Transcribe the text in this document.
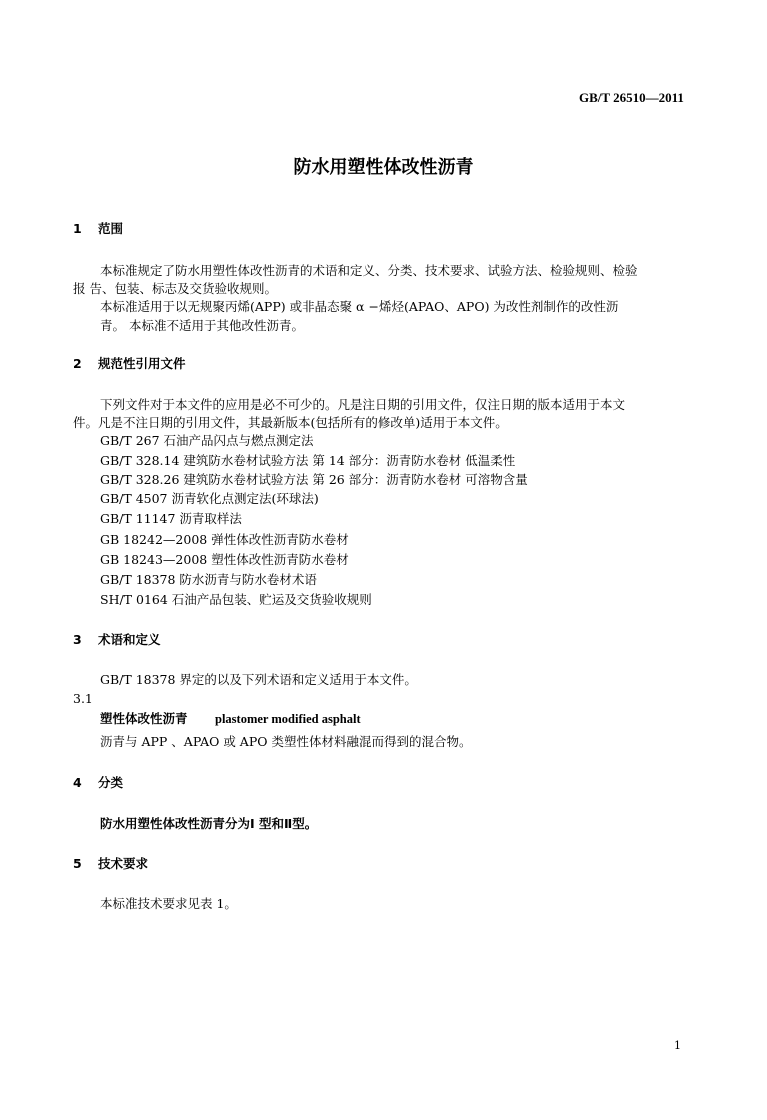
GB/T 26510—2011
防水用塑性体改性沥青
1 范围
本标准规定了防水用塑性体改性沥青的术语和定义、分类、技术要求、试验方法、检验规则、检验
报 告、包装、标志及交货验收规则。
本标准适用于以无规聚丙烯(APP) 或非晶态聚 α −烯烃(APAO、APO) 为改性剂制作的改性沥
青。 本标准不适用于其他改性沥青。
2 规范性引用文件
下列文件对于本文件的应用是必不可少的。凡是注日期的引用文件，仅注日期的版本适用于本文
件。凡是不注日期的引用文件，其最新版本(包括所有的修改单)适用于本文件。
GB/T 267 石油产品闪点与燃点测定法
GB/T 328.14 建筑防水卷材试验方法 第 14 部分：沥青防水卷材 低温柔性
GB/T 328.26 建筑防水卷材试验方法 第 26 部分：沥青防水卷材 可溶物含量
GB/T 4507 沥青软化点测定法(环球法)
GB/T 11147 沥青取样法
GB 18242—2008 弹性体改性沥青防水卷材
GB 18243—2008 塑性体改性沥青防水卷材
GB/T 18378 防水沥青与防水卷材术语
SH/T 0164 石油产品包装、贮运及交货验收规则
3 术语和定义
GB/T 18378 界定的以及下列术语和定义适用于本文件。
3.1
塑性体改性沥青 plastomer modified asphalt
沥青与 APP 、APAO 或 APO 类塑性体材料融混而得到的混合物。
4 分类
防水用塑性体改性沥青分为Ⅰ 型和Ⅱ型。
5 技术要求
本标准技术要求见表 1。
1
